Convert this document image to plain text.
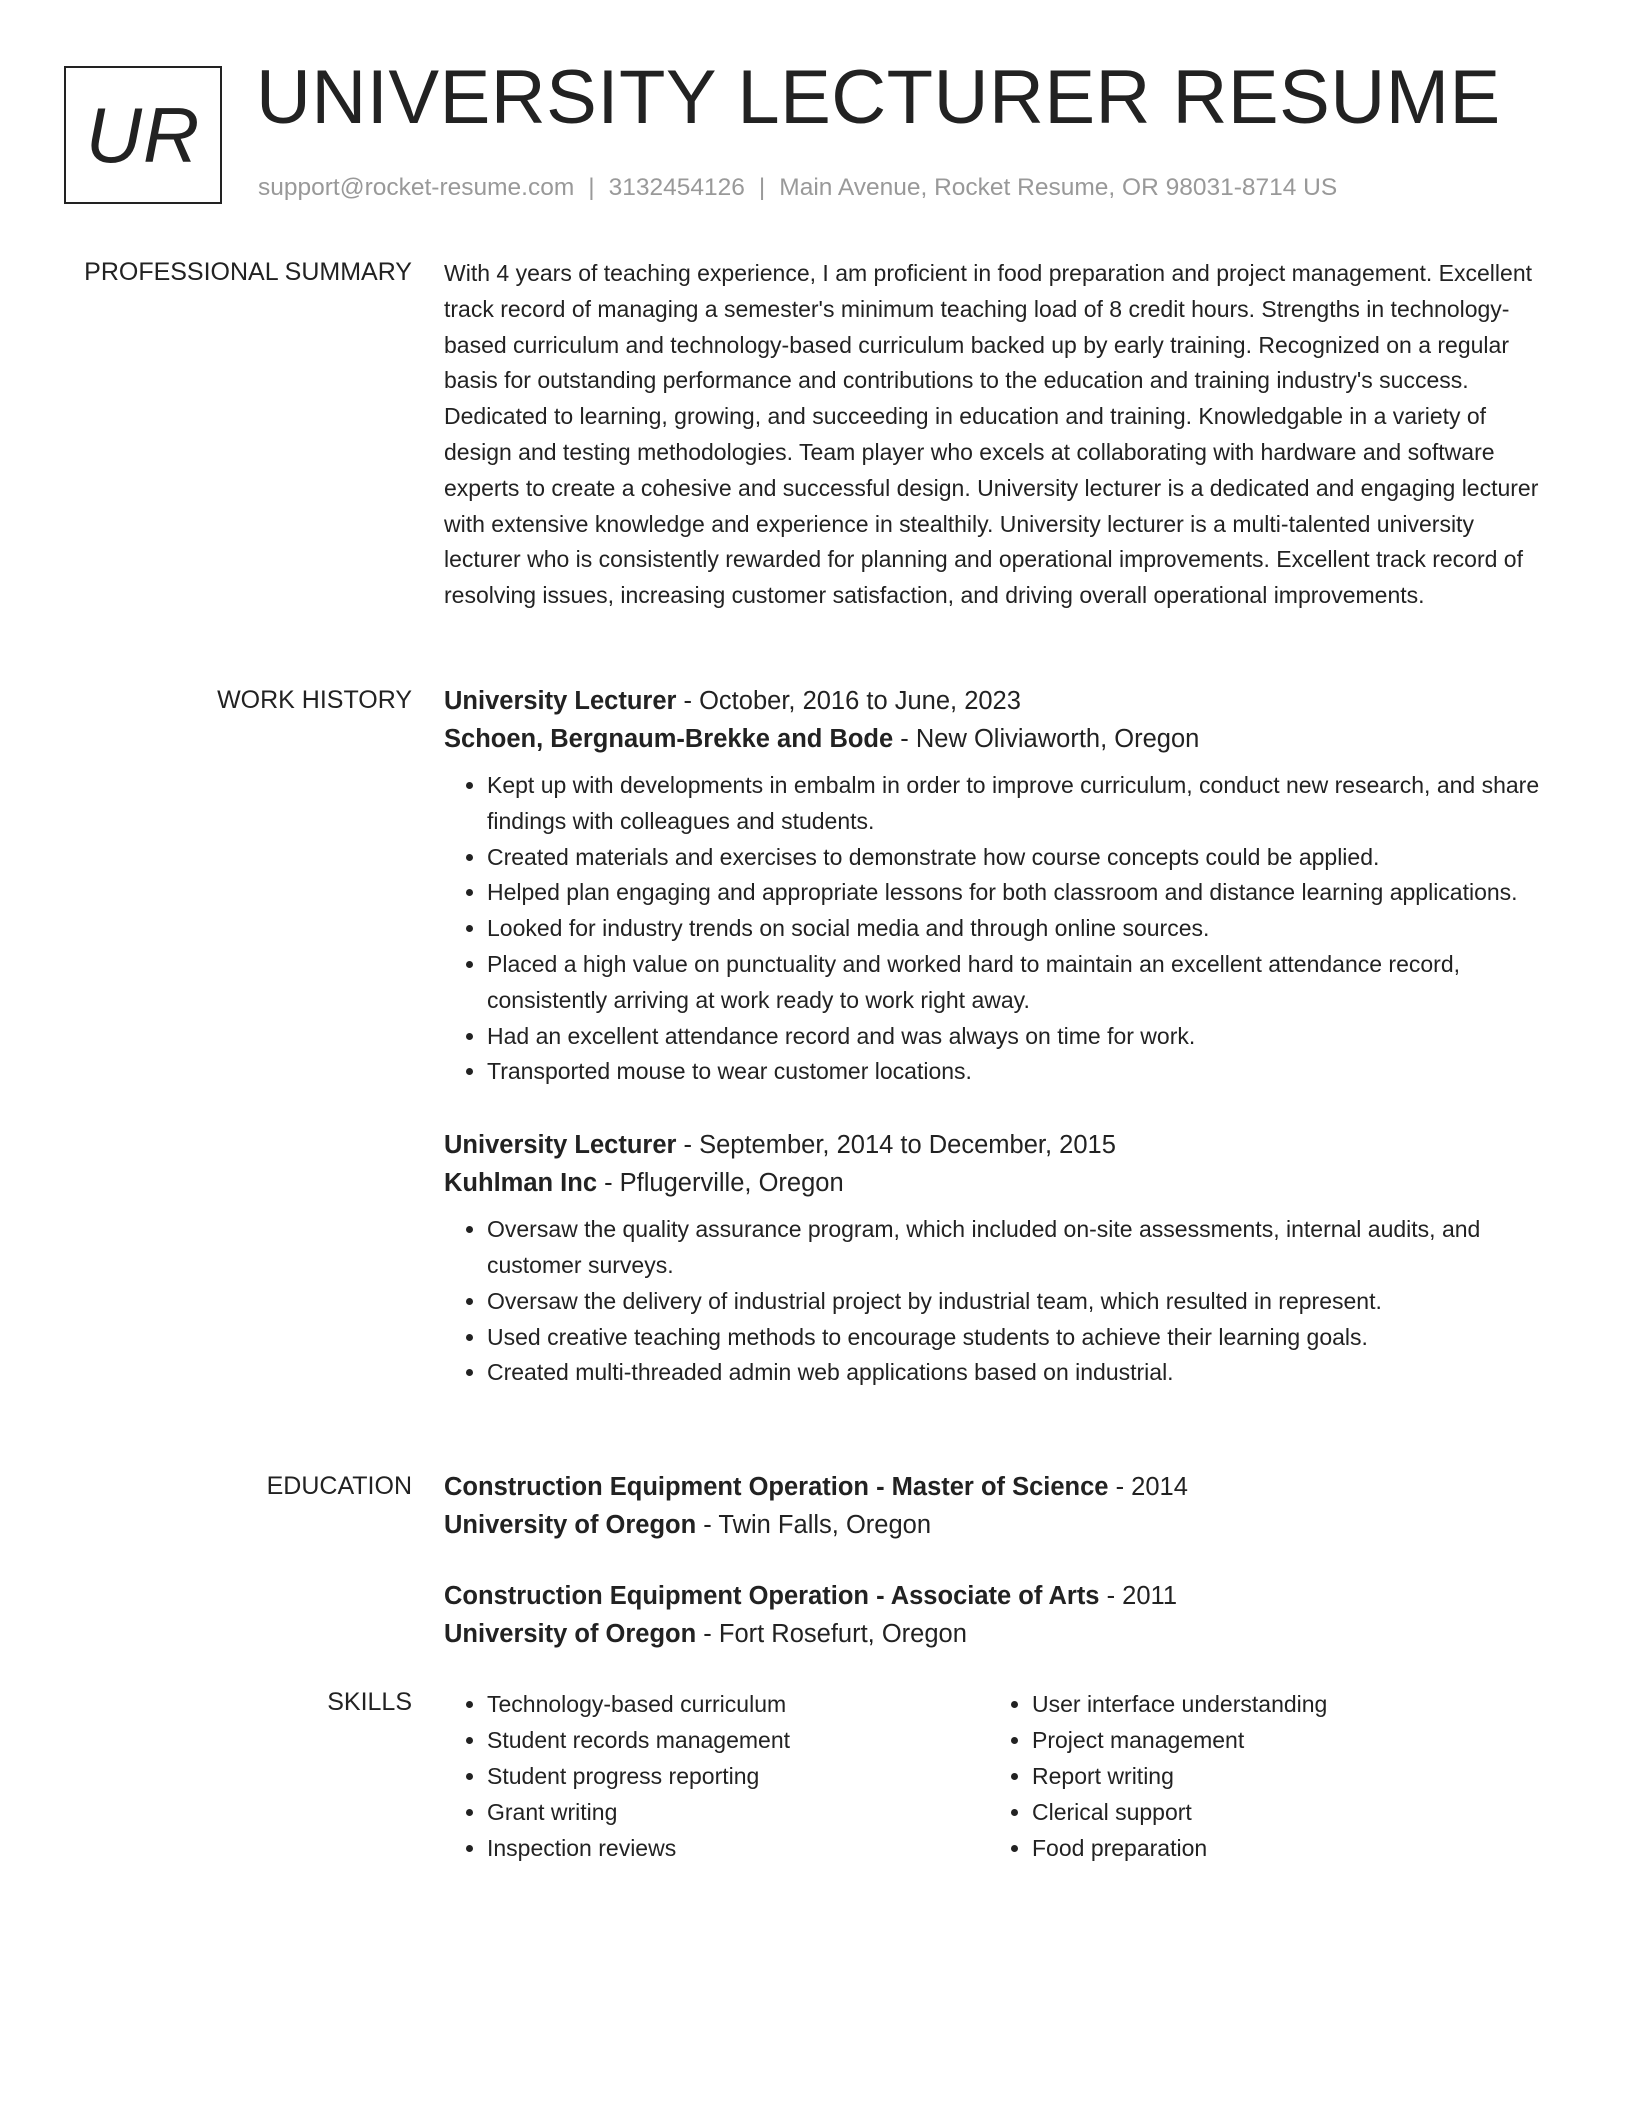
UR UNIVERSITY LECTURER RESUME
support@rocket-resume.com | 3132454126 | Main Avenue, Rocket Resume, OR 98031-8714 US
PROFESSIONAL SUMMARY With 4 years of teaching experience, I am proficient in food preparation and project management. Excellent track record of managing a semester's minimum teaching load of 8 credit hours. Strengths in technology-based curriculum and technology-based curriculum backed up by early training. Recognized on a regular basis for outstanding performance and contributions to the education and training industry's success. Dedicated to learning, growing, and succeeding in education and training. Knowledgable in a variety of design and testing methodologies. Team player who excels at collaborating with hardware and software experts to create a cohesive and successful design. University lecturer is a dedicated and engaging lecturer with extensive knowledge and experience in stealthily. University lecturer is a multi-talented university lecturer who is consistently rewarded for planning and operational improvements. Excellent track record of resolving issues, increasing customer satisfaction, and driving overall operational improvements.

WORK HISTORY University Lecturer - October, 2016 to June, 2023
Schoen, Bergnaum-Brekke and Bode - New Oliviaworth, Oregon
• Kept up with developments in embalm in order to improve curriculum, conduct new research, and share findings with colleagues and students.
• Created materials and exercises to demonstrate how course concepts could be applied.
• Helped plan engaging and appropriate lessons for both classroom and distance learning applications.
• Looked for industry trends on social media and through online sources.
• Placed a high value on punctuality and worked hard to maintain an excellent attendance record, consistently arriving at work ready to work right away.
• Had an excellent attendance record and was always on time for work.
• Transported mouse to wear customer locations.
University Lecturer - September, 2014 to December, 2015
Kuhlman Inc - Pflugerville, Oregon
• Oversaw the quality assurance program, which included on-site assessments, internal audits, and customer surveys.
• Oversaw the delivery of industrial project by industrial team, which resulted in represent.
• Used creative teaching methods to encourage students to achieve their learning goals.
• Created multi-threaded admin web applications based on industrial.
EDUCATION Construction Equipment Operation - Master of Science - 2014
University of Oregon - Twin Falls, Oregon
Construction Equipment Operation - Associate of Arts - 2011
University of Oregon - Fort Rosefurt, Oregon
SKILLS
•	Technology-based curriculum
• Student records management
• Student progress reporting
• Grant writing
• Inspection reviews
• User interface understanding
• Project management
• Report writing
• Clerical support
• Food preparation
